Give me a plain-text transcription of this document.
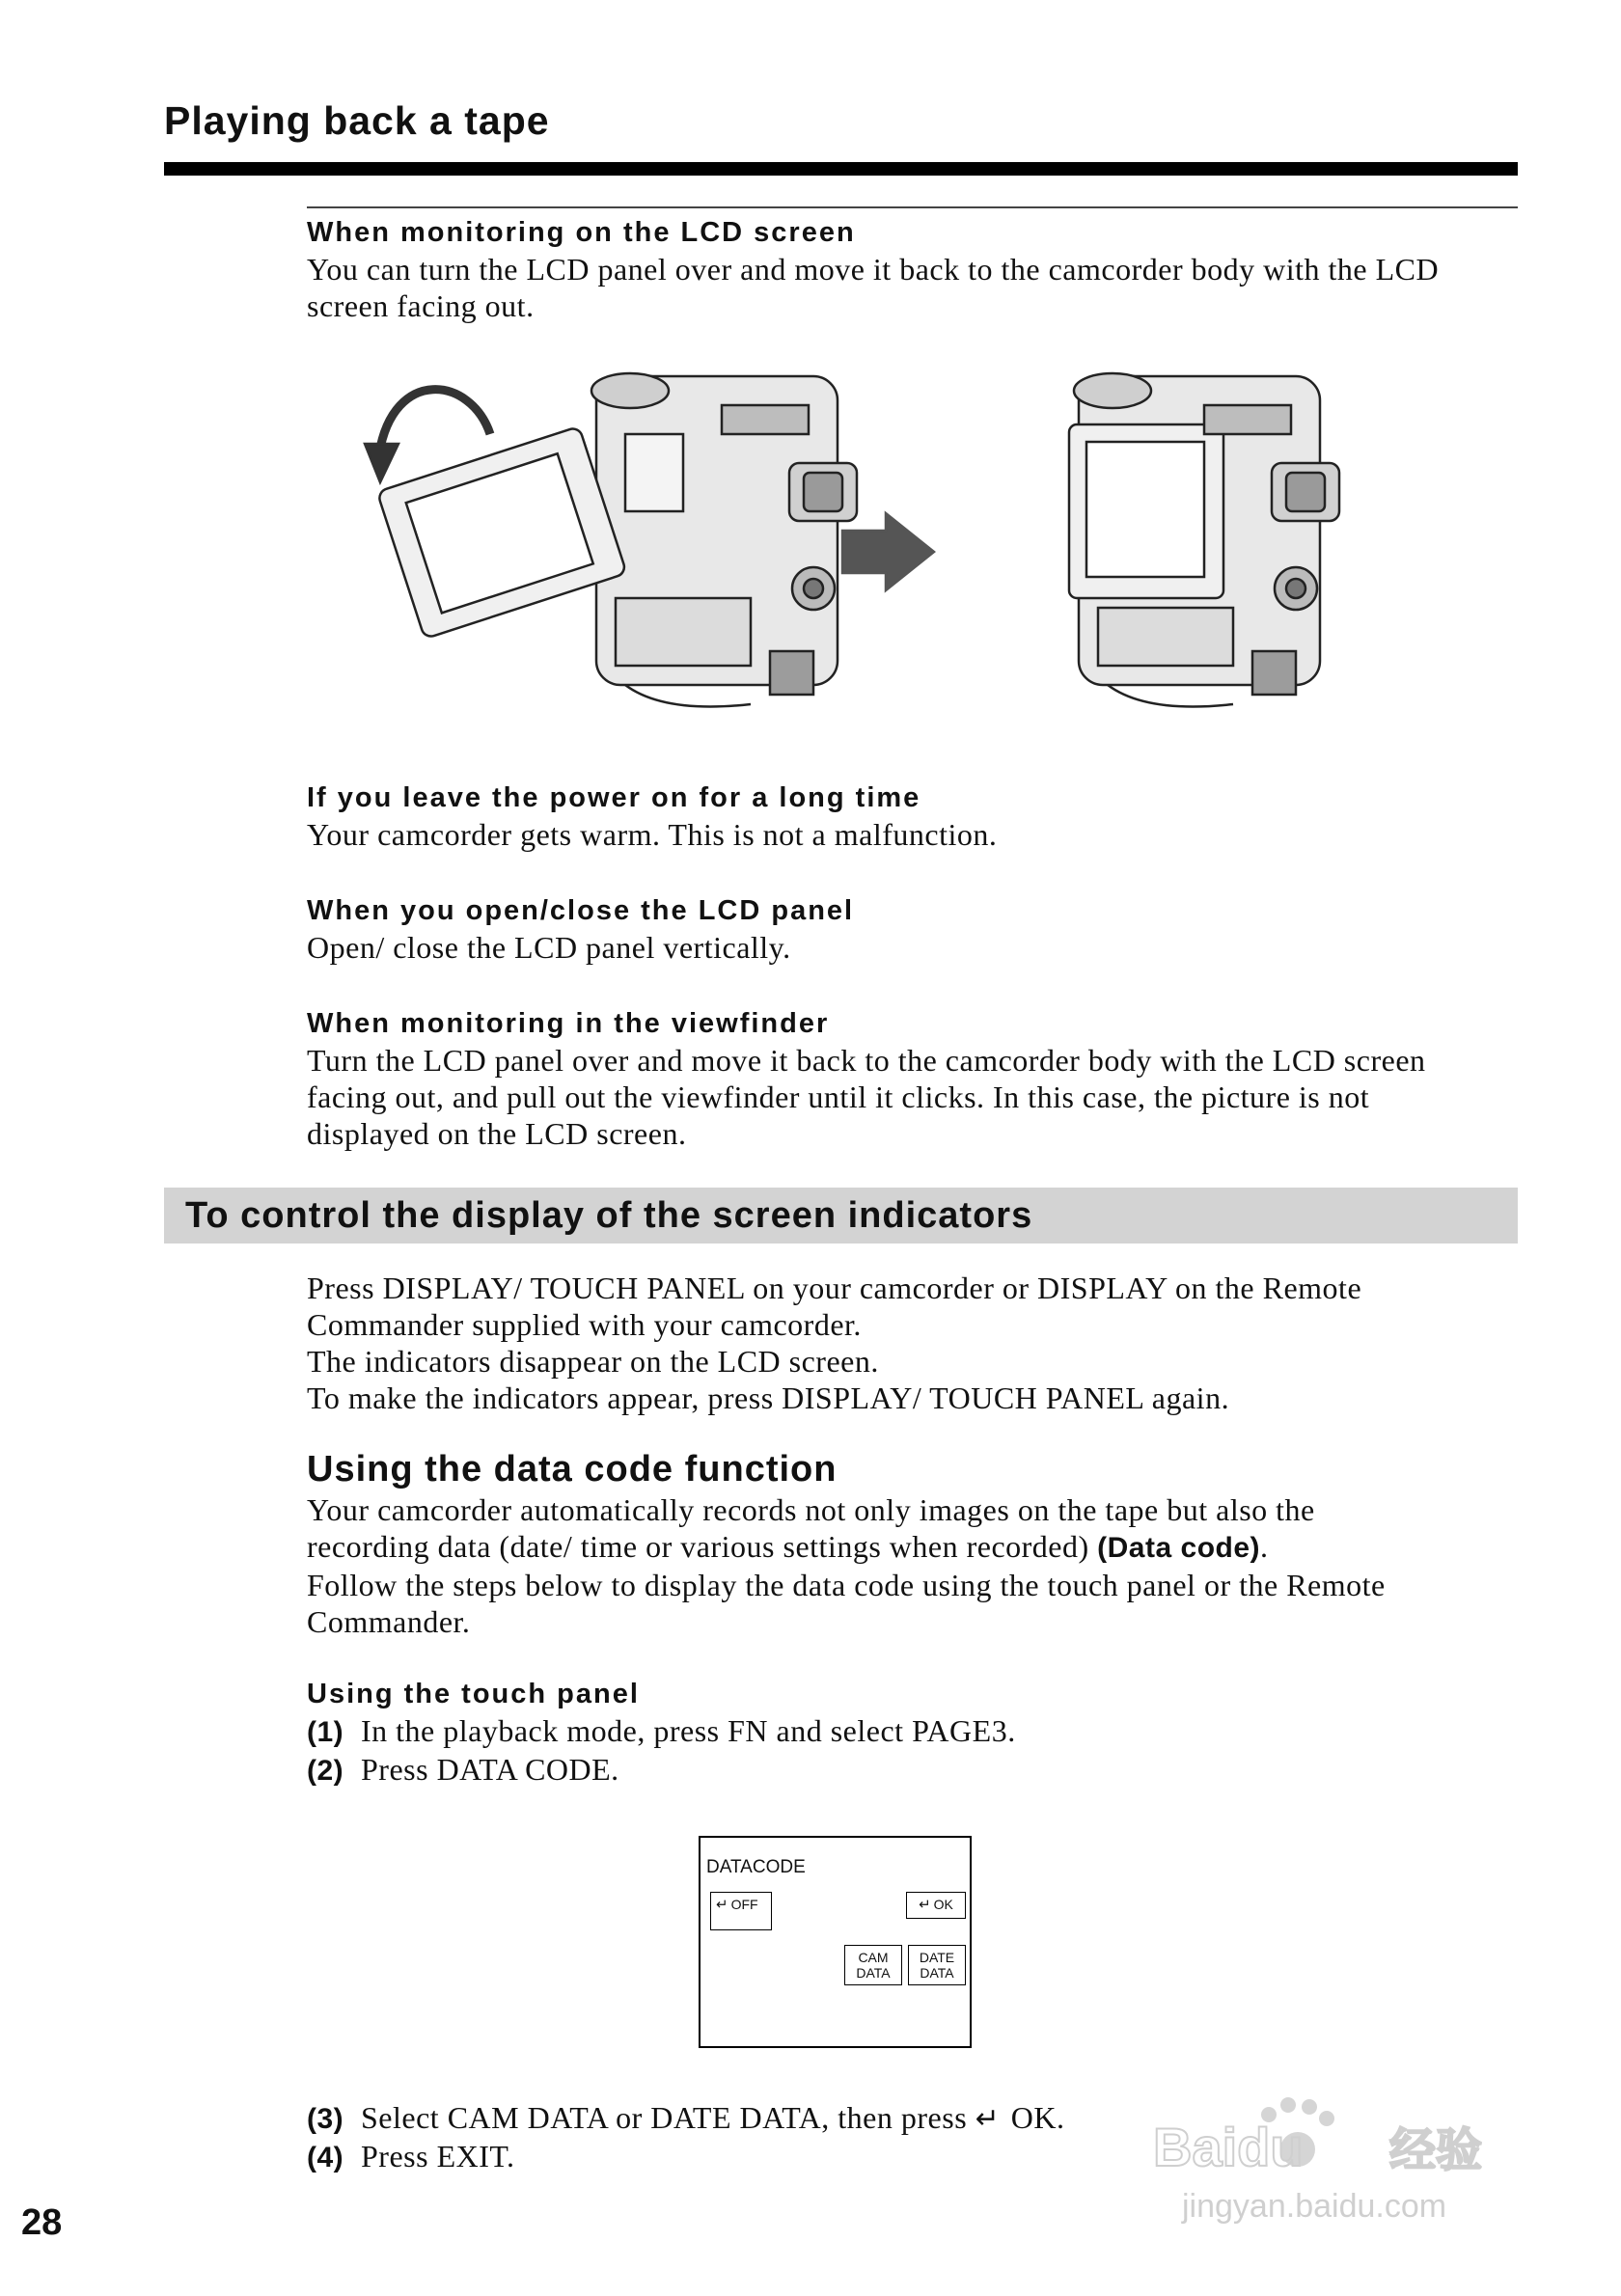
Playing back a tape

When monitoring on the LCD screen

You can turn the LCD panel over and move it back to the camcorder body with the LCD screen facing out.

If you leave the power on for a long time

Your camcorder gets warm. This is not a malfunction.

When you open/close the LCD panel

Open/ close the LCD panel vertically.

When monitoring in the viewfinder

Turn the LCD panel over and move it back to the camcorder body with the LCD screen

facing out, and pull out the viewfinder until it clicks. In this case, the picture is not

displayed on the LCD screen.

To control the display of the screen indicators

Press DISPLAY/ TOUCH PANEL on your camcorder or DISPLAY on the Remote

Commander supplied with your camcorder.

The indicators disappear on the LCD screen.

To make the indicators appear, press DISPLAY/ TOUCH PANEL again.

Using the data code function

Your camcorder automatically records not only images on the tape but also the

recording data (date/ time or various settings when recorded) (Data code).

Follow the steps below to display the data code using the touch panel or the Remote

Commander.

Using the touch panel

(1) In the playback mode, press FN and select PAGE3.

(2) Press DATA CODE.

DATACODE
↵ OFF	↵ OK
CAM
DATA
DATE
DATA

(3) Select CAM DATA or DATE DATA, then press ↵ OK.

(4) Press EXIT.

28
Baidu 经验
jingyan.baidu.com
